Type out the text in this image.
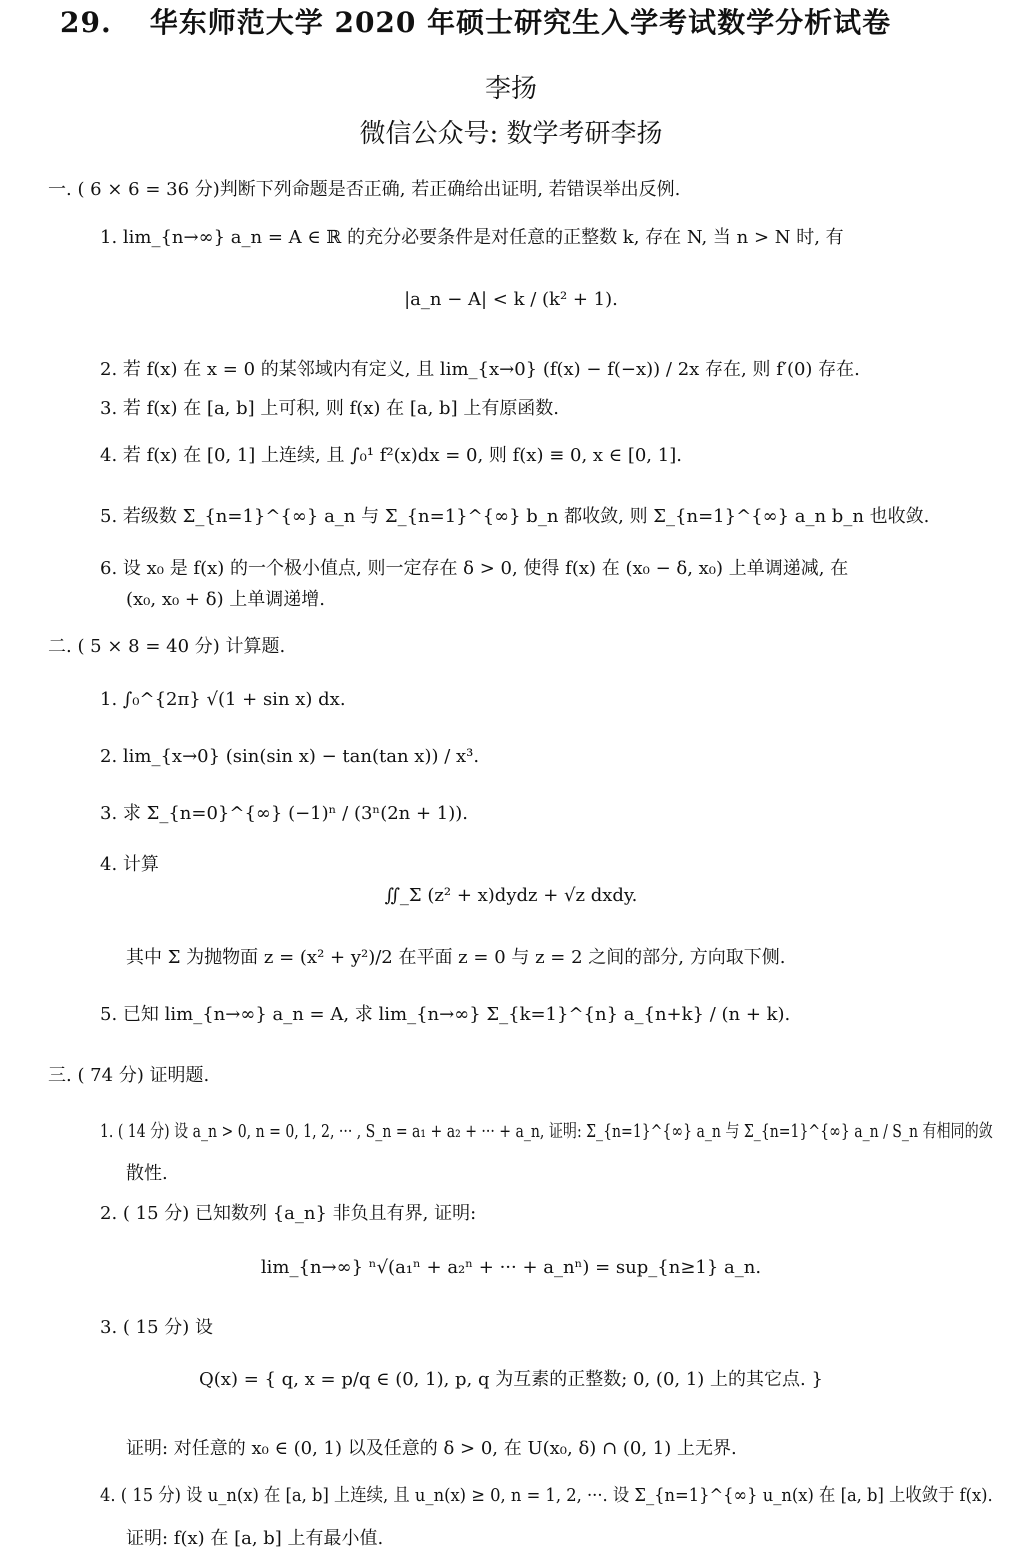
29. 华东师范大学 2020 年硕士研究生入学考试数学分析试卷
李扬
微信公众号: 数学考研李扬
一. ( 6 × 6 = 36 分)判断下列命题是否正确, 若正确给出证明, 若错误举出反例.
1. lim_{n→∞} a_n = A ∈ ℝ 的充分必要条件是对任意的正整数 k, 存在 N, 当 n > N 时, 有
|a_n − A| < k / (k² + 1).
2. 若 f(x) 在 x = 0 的某邻域内有定义, 且 lim_{x→0} (f(x) − f(−x)) / 2x 存在, 则 f′(0) 存在.
3. 若 f(x) 在 [a, b] 上可积, 则 f(x) 在 [a, b] 上有原函数.
4. 若 f(x) 在 [0, 1] 上连续, 且 ∫₀¹ f²(x)dx = 0, 则 f(x) ≡ 0, x ∈ [0, 1].
5. 若级数 Σ_{n=1}^{∞} a_n 与 Σ_{n=1}^{∞} b_n 都收敛, 则 Σ_{n=1}^{∞} a_n b_n 也收敛.
6. 设 x₀ 是 f(x) 的一个极小值点, 则一定存在 δ > 0, 使得 f(x) 在 (x₀ − δ, x₀) 上单调递减, 在
(x₀, x₀ + δ) 上单调递增.
二. ( 5 × 8 = 40 分) 计算题.
1. ∫₀^{2π} √(1 + sin x) dx.
2. lim_{x→0} (sin(sin x) − tan(tan x)) / x³.
3. 求 Σ_{n=0}^{∞} (−1)ⁿ / (3ⁿ(2n + 1)).
4. 计算
∬_Σ (z² + x)dydz + √z dxdy.
其中 Σ 为抛物面 z = (x² + y²)/2 在平面 z = 0 与 z = 2 之间的部分, 方向取下侧.
5. 已知 lim_{n→∞} a_n = A, 求 lim_{n→∞} Σ_{k=1}^{n} a_{n+k} / (n + k).
三. ( 74 分) 证明题.
1. ( 14 分) 设 a_n > 0, n = 0, 1, 2, ··· , S_n = a₁ + a₂ + ··· + a_n, 证明: Σ_{n=1}^{∞} a_n 与 Σ_{n=1}^{∞} a_n / S_n 有相同的敛
散性.
2. ( 15 分) 已知数列 {a_n} 非负且有界, 证明:
lim_{n→∞} ⁿ√(a₁ⁿ + a₂ⁿ + ··· + a_nⁿ) = sup_{n≥1} a_n.
3. ( 15 分) 设
Q(x) = { q, x = p/q ∈ (0, 1), p, q 为互素的正整数; 0, (0, 1) 上的其它点. }
证明: 对任意的 x₀ ∈ (0, 1) 以及任意的 δ > 0, 在 U(x₀, δ) ∩ (0, 1) 上无界.
4. ( 15 分) 设 u_n(x) 在 [a, b] 上连续, 且 u_n(x) ≥ 0, n = 1, 2, ···. 设 Σ_{n=1}^{∞} u_n(x) 在 [a, b] 上收敛于 f(x).
证明: f(x) 在 [a, b] 上有最小值.
